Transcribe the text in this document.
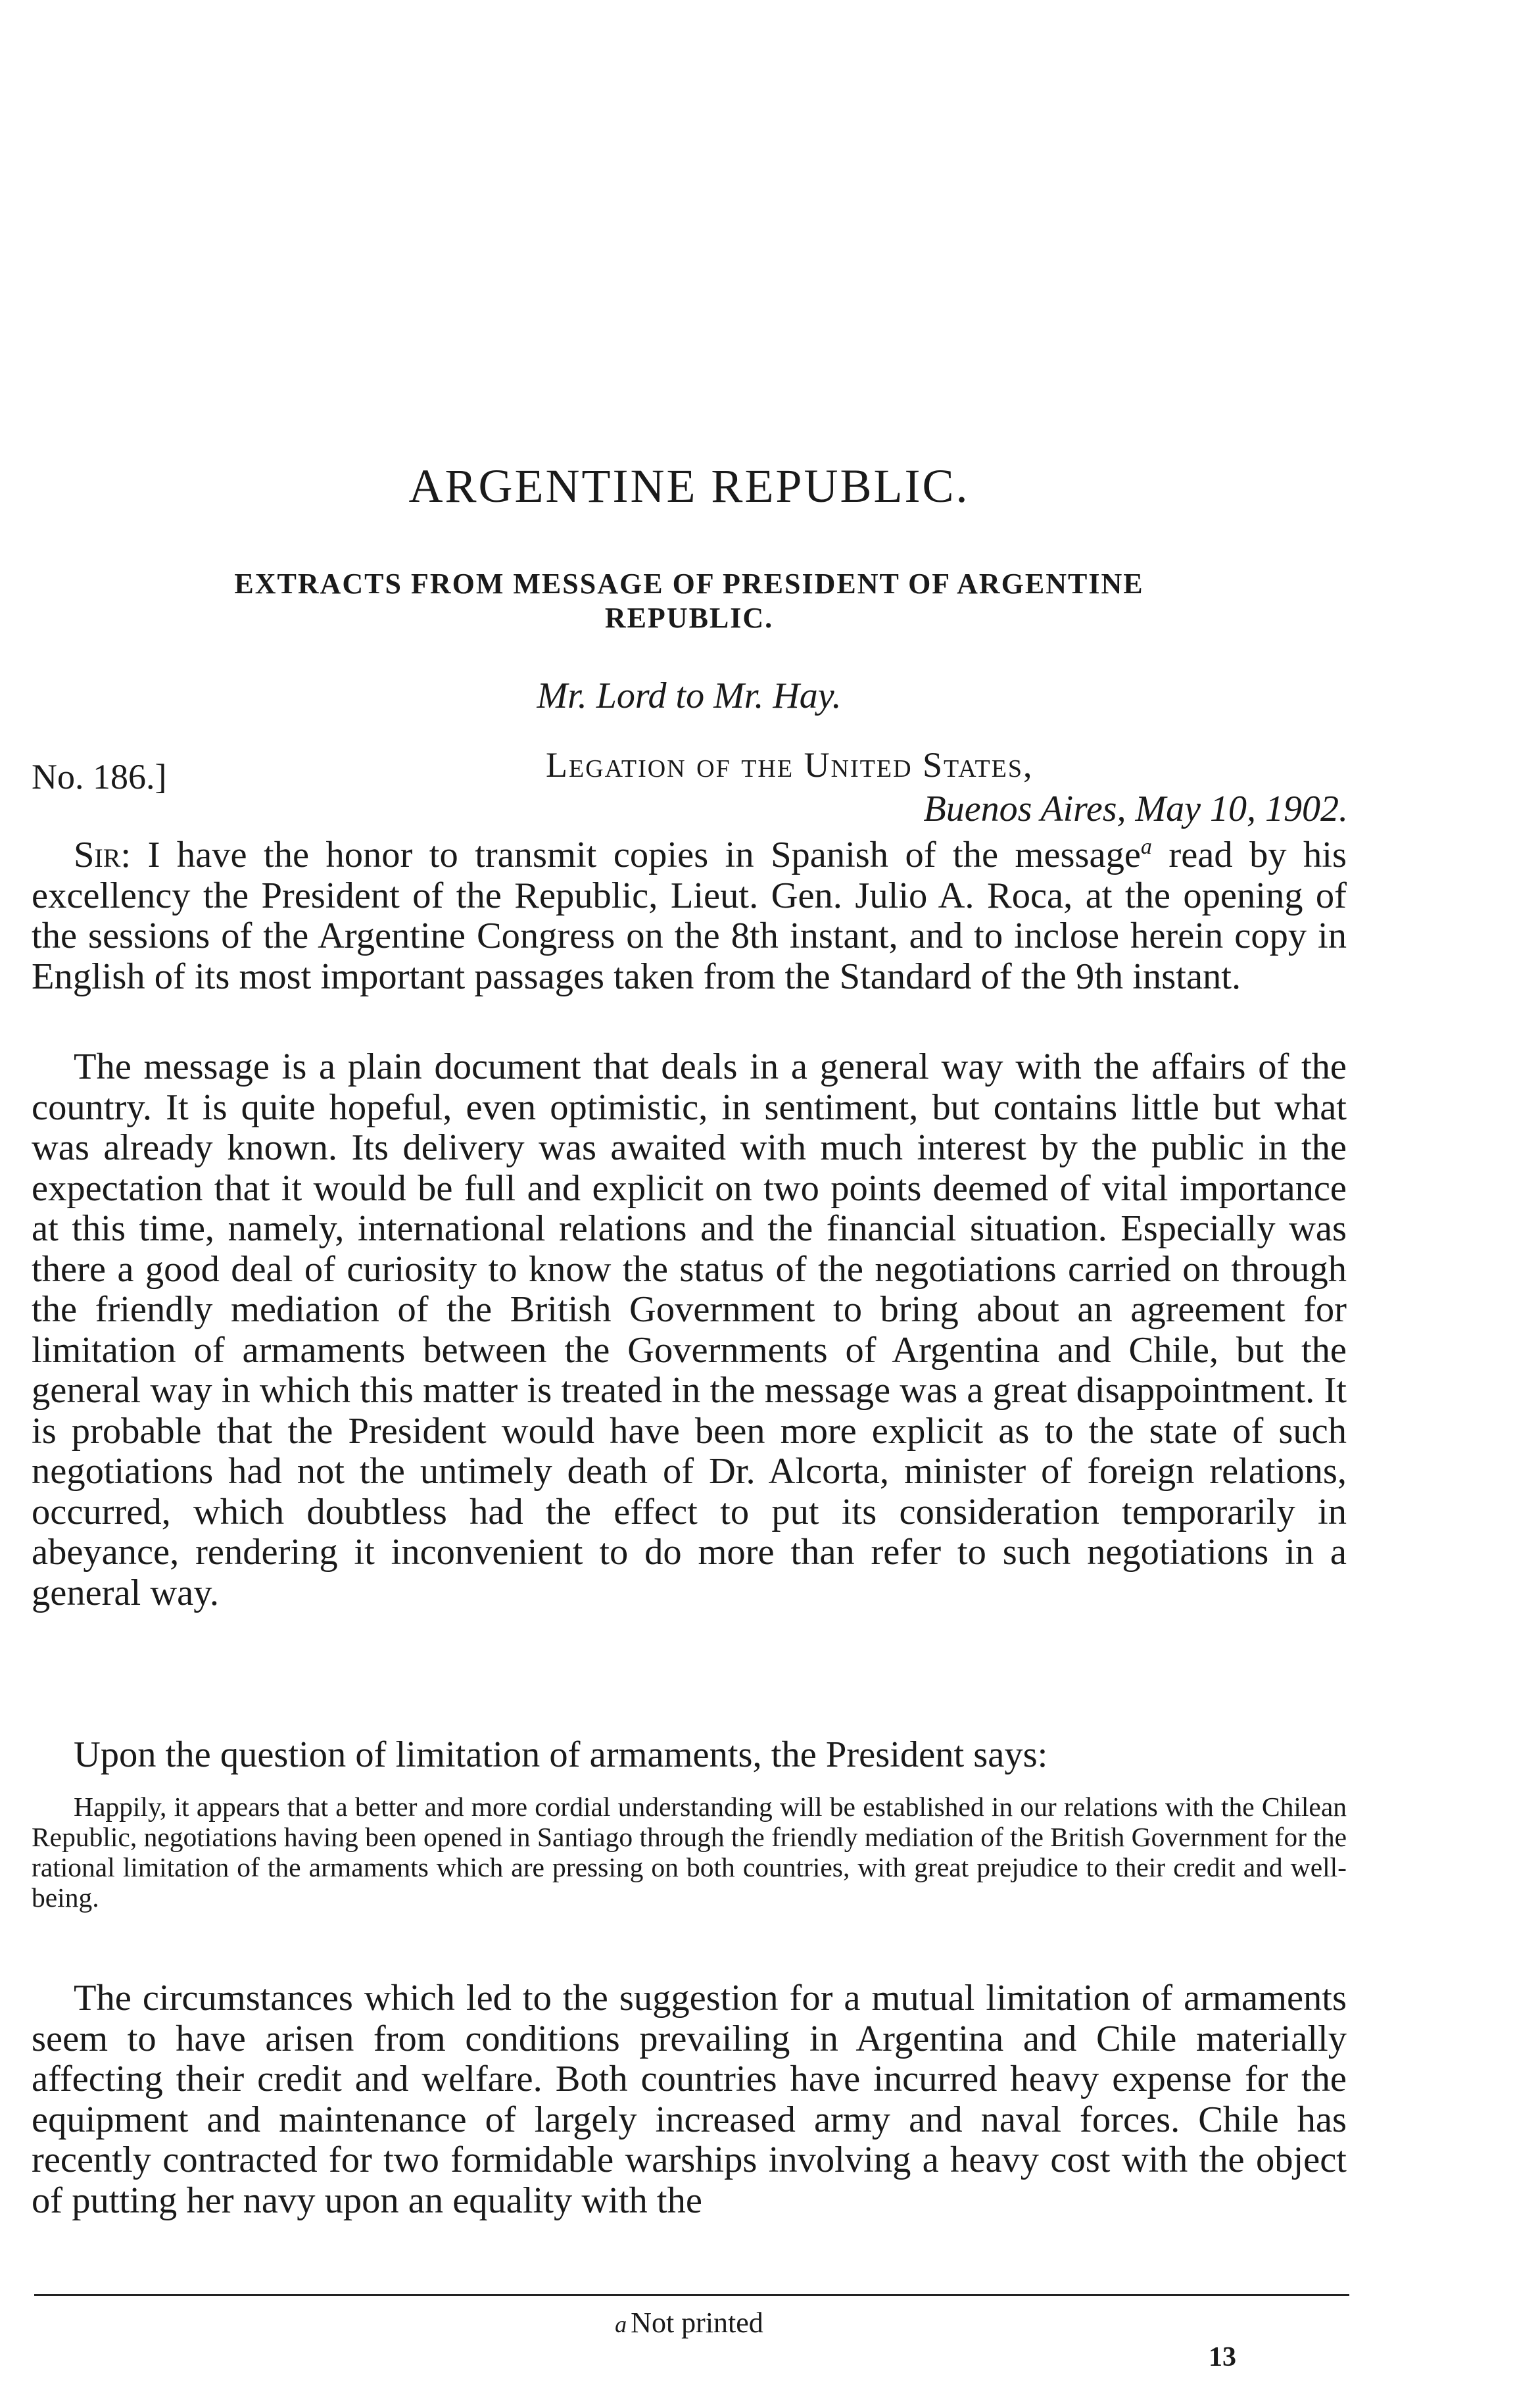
ARGENTINE REPUBLIC.
EXTRACTS FROM MESSAGE OF PRESIDENT OF ARGENTINE
REPUBLIC.
Mr. Lord to Mr. Hay.
No. 186.]	Legation of the United States,
Buenos Aires, May 10, 1902.

Sir: I have the honor to transmit copies in Spanish of the message$^a$ read by his excellency the President of the Republic, Lieut. Gen. Julio A. Roca, at the opening of the sessions of the Argentine Congress on the 8th instant, and to inclose herein copy in English of its most important passages taken from the Standard of the 9th instant.

The message is a plain document that deals in a general way with the affairs of the country. It is quite hopeful, even optimistic, in sentiment, but contains little but what was already known. Its delivery was awaited with much interest by the public in the expectation that it would be full and explicit on two points deemed of vital importance at this time, namely, international relations and the financial situation. Especially was there a good deal of curiosity to know the status of the negotiations carried on through the friendly mediation of the British Government to bring about an agreement for limitation of armaments between the Governments of Argentina and Chile, but the general way in which this matter is treated in the message was a great disappointment. It is probable that the President would have been more explicit as to the state of such negotiations had not the untimely death of Dr. Alcorta, minister of foreign relations, occurred, which doubtless had the effect to put its consideration temporarily in abeyance, rendering it inconvenient to do more than refer to such negotiations in a general way.

Upon the question of limitation of armaments, the President says:

Happily, it appears that a better and more cordial understanding will be established in our relations with the Chilean Republic, negotiations having been opened in Santiago through the friendly mediation of the British Government for the rational limitation of the armaments which are pressing on both countries, with great prejudice to their credit and well-being.

The circumstances which led to the suggestion for a mutual limitation of armaments seem to have arisen from conditions prevailing in Argentina and Chile materially affecting their credit and welfare. Both countries have incurred heavy expense for the equipment and maintenance of largely increased army and naval forces. Chile has recently contracted for two formidable warships involving a heavy cost with the object of putting her navy upon an equality with the

a Not printed
13
